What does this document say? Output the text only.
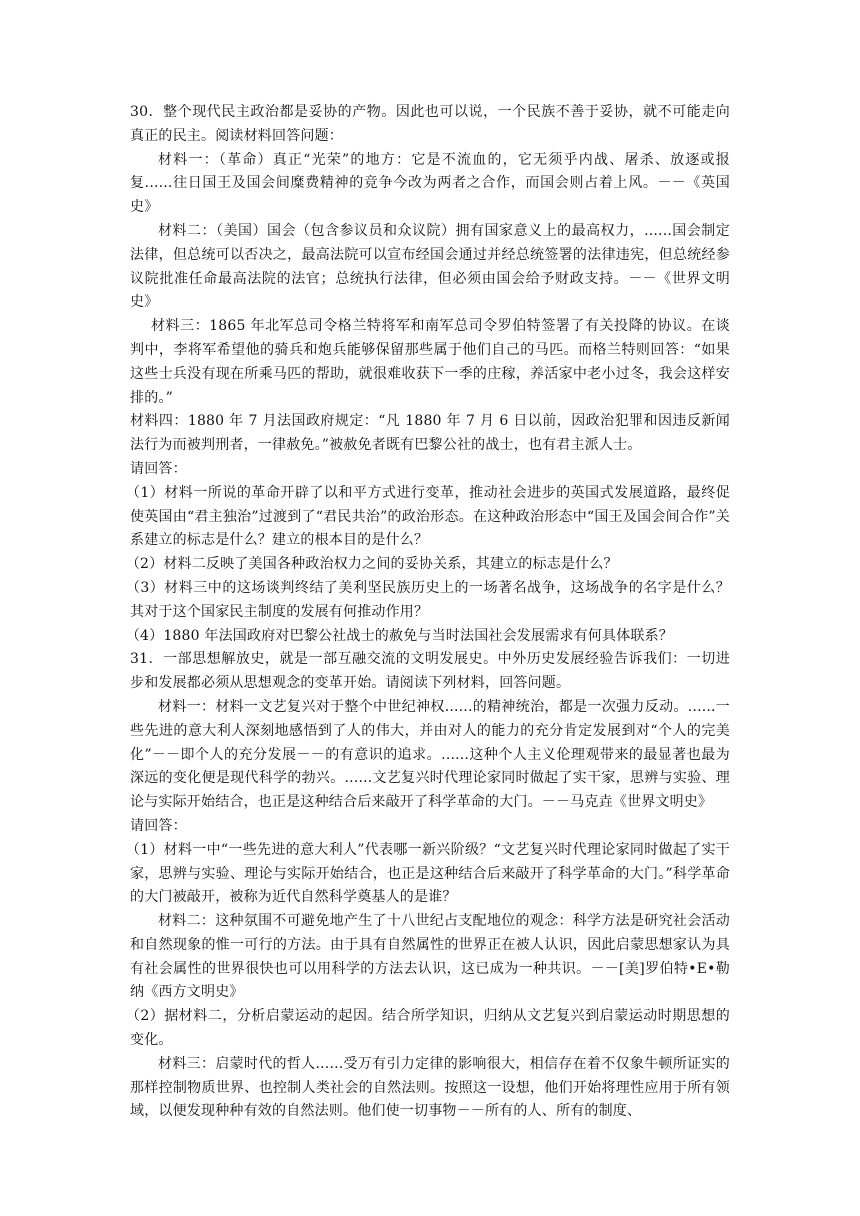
30．整个现代民主政治都是妥协的产物。因此也可以说，一个民族不善于妥协，就不可能走向真正的民主。阅读材料回答问题：

材料一：（革命）真正“光荣”的地方：它是不流血的，它无须乎内战、屠杀、放逐或报复......往日国王及国会间糜费精神的竞争今改为两者之合作，而国会则占着上风。－－《英国史》

材料二：（美国）国会（包含参议员和众议院）拥有国家意义上的最高权力，......国会制定法律，但总统可以否决之，最高法院可以宣布经国会通过并经总统签署的法律违宪，但总统经参议院批准任命最高法院的法官；总统执行法律，但必须由国会给予财政支持。－－《世界文明史》

材料三：1865 年北军总司令格兰特将军和南军总司令罗伯特签署了有关投降的协议。在谈判中，李将军希望他的骑兵和炮兵能够保留那些属于他们自己的马匹。而格兰特则回答：“如果这些士兵没有现在所乘马匹的帮助，就很难收获下一季的庄稼，养活家中老小过冬，我会这样安排的。”

材料四：1880 年 7 月法国政府规定：“凡 1880 年 7 月 6 日以前，因政治犯罪和因违反新闻法行为而被判刑者，一律赦免。”被赦免者既有巴黎公社的战士，也有君主派人士。

请回答：

（1）材料一所说的革命开辟了以和平方式进行变革，推动社会进步的英国式发展道路，最终促使英国由“君主独治”过渡到了“君民共治”的政治形态。在这种政治形态中“国王及国会间合作”关系建立的标志是什么？建立的根本目的是什么？

（2）材料二反映了美国各种政治权力之间的妥协关系，其建立的标志是什么？

（3）材料三中的这场谈判终结了美利坚民族历史上的一场著名战争，这场战争的名字是什么？其对于这个国家民主制度的发展有何推动作用？

（4）1880 年法国政府对巴黎公社战士的赦免与当时法国社会发展需求有何具体联系？

31．一部思想解放史，就是一部互融交流的文明发展史。中外历史发展经验告诉我们：一切进步和发展都必须从思想观念的变革开始。请阅读下列材料，回答问题。

材料一：材料一文艺复兴对于整个中世纪神权......的精神统治，都是一次强力反动。......一些先进的意大利人深刻地感悟到了人的伟大，并由对人的能力的充分肯定发展到对“个人的完美化”－－即个人的充分发展－－的有意识的追求。......这种个人主义伦理观带来的最显著也最为深远的变化便是现代科学的勃兴。......文艺复兴时代理论家同时做起了实干家，思辨与实验、理论与实际开始结合，也正是这种结合后来敲开了科学革命的大门。－－马克垚《世界文明史》

请回答：

（1）材料一中“一些先进的意大利人”代表哪一新兴阶级？“文艺复兴时代理论家同时做起了实干家，思辨与实验、理论与实际开始结合，也正是这种结合后来敲开了科学革命的大门。”科学革命的大门被敲开，被称为近代自然科学奠基人的是谁？

材料二：这种氛围不可避免地产生了十八世纪占支配地位的观念：科学方法是研究社会活动和自然现象的惟一可行的方法。由于具有自然属性的世界正在被人认识，因此启蒙思想家认为具有社会属性的世界很快也可以用科学的方法去认识，这已成为一种共识。－－[美]罗伯特•E•勒纳《西方文明史》

（2）据材料二，分析启蒙运动的起因。结合所学知识，归纳从文艺复兴到启蒙运动时期思想的变化。

材料三：启蒙时代的哲人......受万有引力定律的影响很大，相信存在着不仅象牛顿所证实的那样控制物质世界、也控制人类社会的自然法则。按照这一设想，他们开始将理性应用于所有领域，以便发现种种有效的自然法则。他们使一切事物－－所有的人、所有的制度、
